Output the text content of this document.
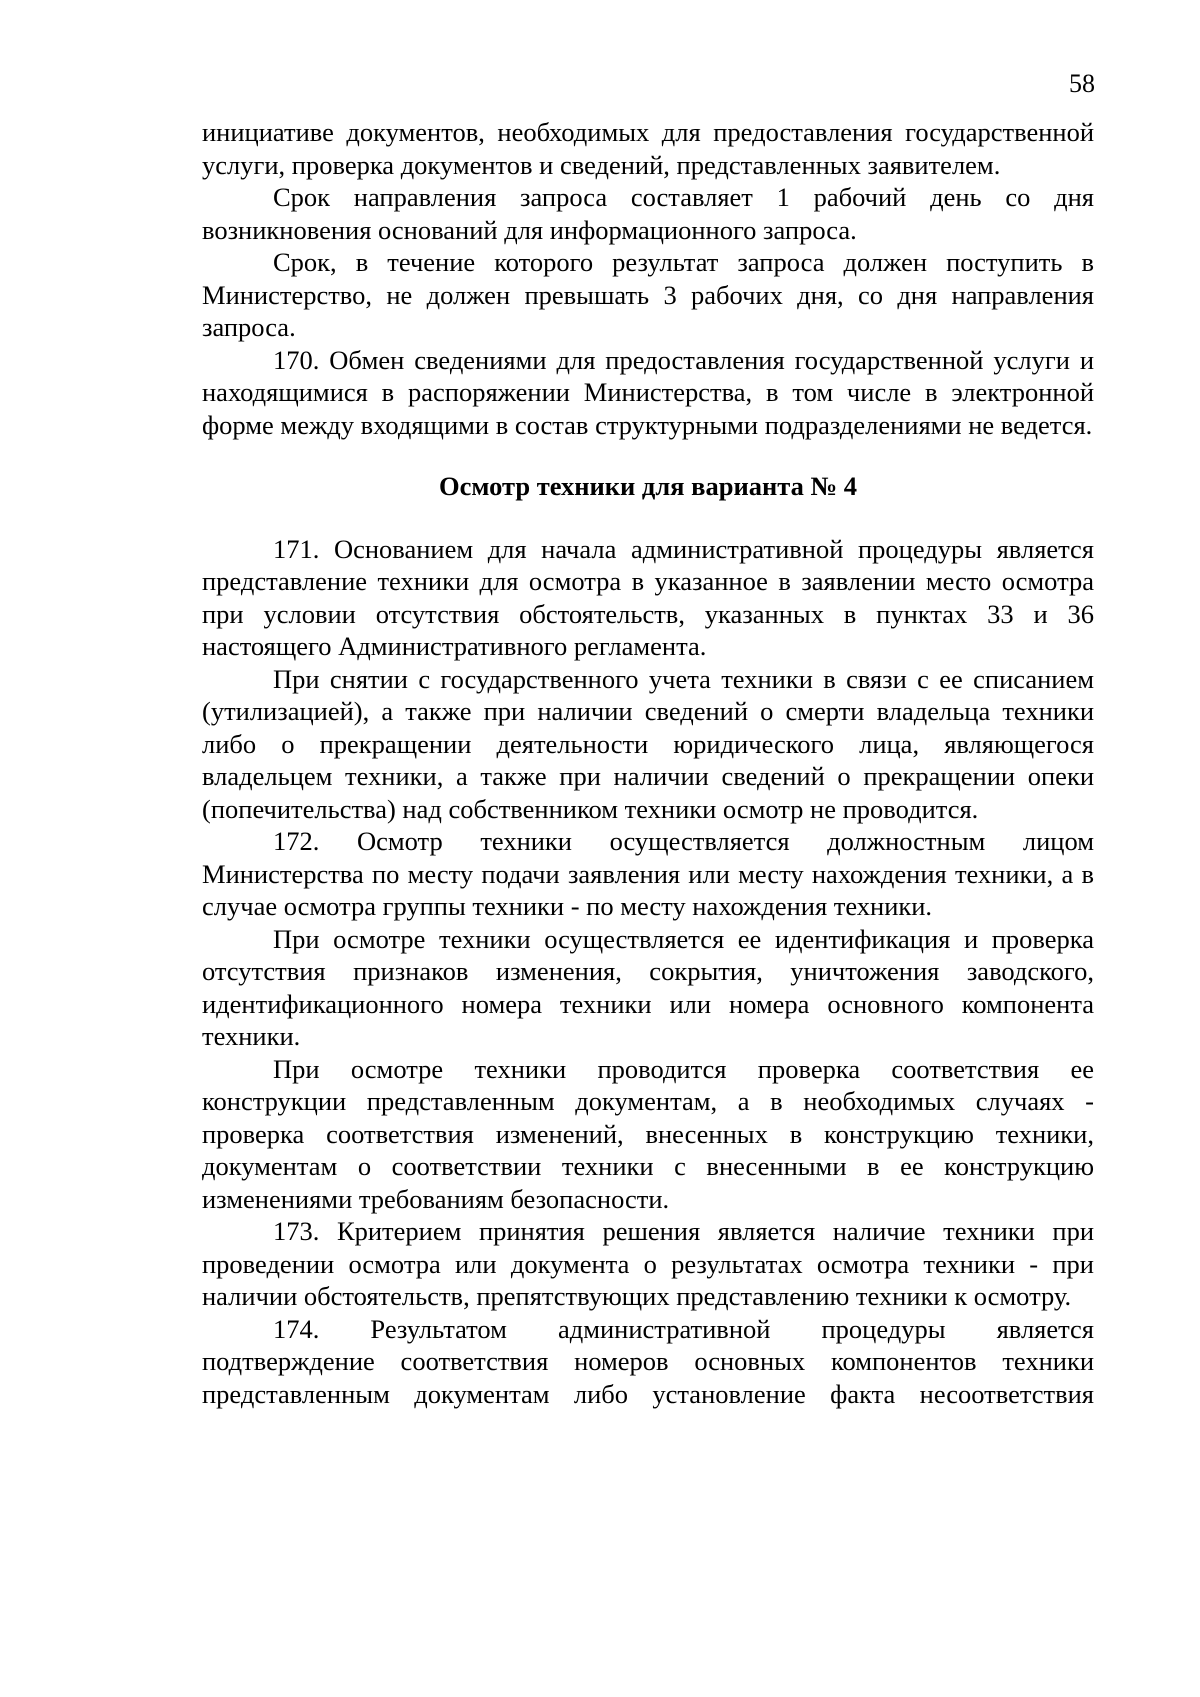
58

инициативе документов, необходимых для предоставления государственной услуги, проверка документов и сведений, представленных заявителем.

Срок направления запроса составляет 1 рабочий день со дня возникновения оснований для информационного запроса.

Срок, в течение которого результат запроса должен поступить в Министерство, не должен превышать 3 рабочих дня, со дня направления запроса.

170. Обмен сведениями для предоставления государственной услуги и находящимися в распоряжении Министерства, в том числе в электронной форме между входящими в состав структурными подразделениями не ведется.

Осмотр техники для варианта № 4

171. Основанием для начала административной процедуры является представление техники для осмотра в указанное в заявлении место осмотра при условии отсутствия обстоятельств, указанных в пунктах 33 и 36 настоящего Административного регламента.

При снятии с государственного учета техники в связи с ее списанием (утилизацией), а также при наличии сведений о смерти владельца техники либо о прекращении деятельности юридического лица, являющегося владельцем техники, а также при наличии сведений о прекращении опеки (попечительства) над собственником техники осмотр не проводится.

172. Осмотр техники осуществляется должностным лицом Министерства по месту подачи заявления или месту нахождения техники, а в случае осмотра группы техники - по месту нахождения техники.

При осмотре техники осуществляется ее идентификация и проверка отсутствия признаков изменения, сокрытия, уничтожения заводского, идентификационного номера техники или номера основного компонента техники.

При осмотре техники проводится проверка соответствия ее конструкции представленным документам, а в необходимых случаях - проверка соответствия изменений, внесенных в конструкцию техники, документам о соответствии техники с внесенными в ее конструкцию изменениями требованиям безопасности.

173. Критерием принятия решения является наличие техники при проведении осмотра или документа о результатах осмотра техники - при наличии обстоятельств, препятствующих представлению техники к осмотру.

174. Результатом административной процедуры является подтверждение соответствия номеров основных компонентов техники представленным документам либо установление факта несоответствия
